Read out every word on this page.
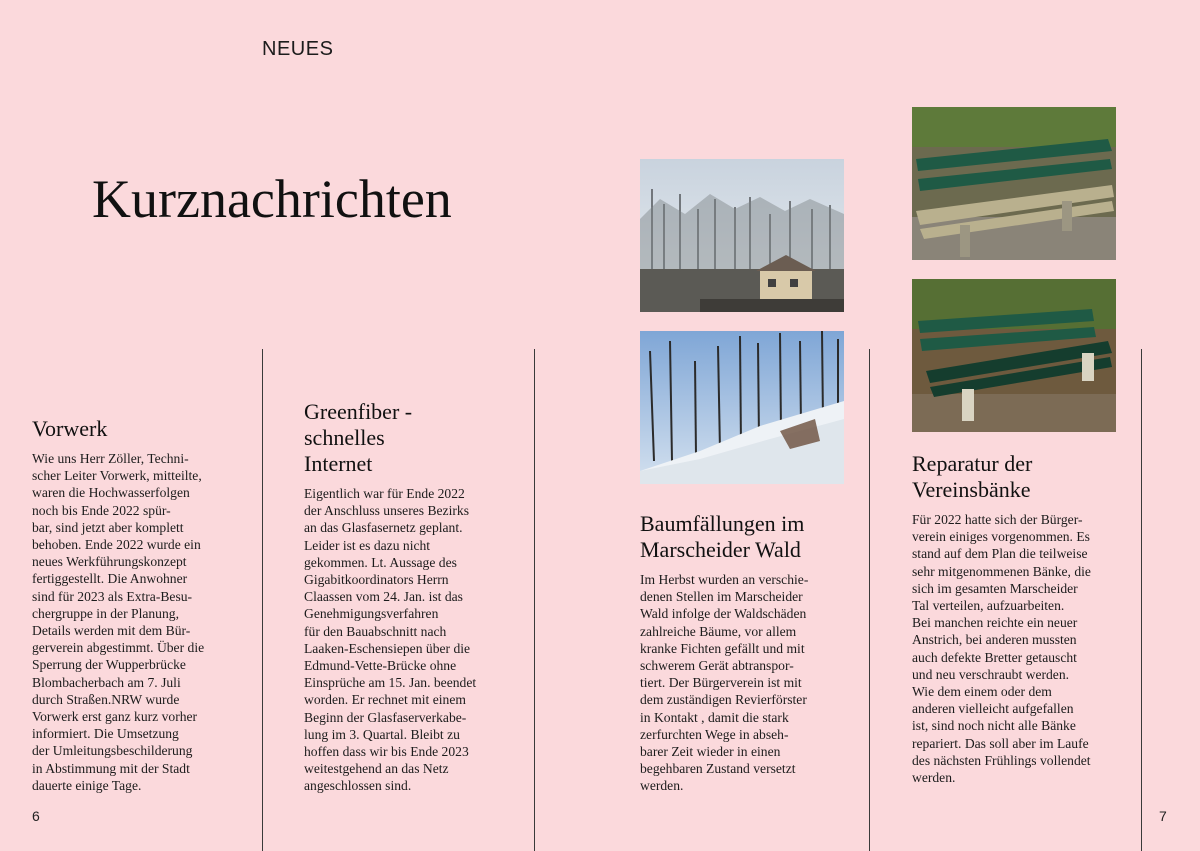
NEUES
Kurznachrichten
Vorwerk

Wie uns Herr Zöller, Techni-
scher Leiter Vorwerk, mitteilte,
waren die Hochwasserfolgen
noch bis Ende 2022 spür-
bar, sind jetzt aber komplett
behoben. Ende 2022 wurde ein
neues Werkführungskonzept
fertiggestellt. Die Anwohner
sind für 2023 als Extra-Besu-
chergruppe in der Planung,
Details werden mit dem Bür-
gerverein abgestimmt. Über die
Sperrung der Wupperbrücke
Blombacherbach am 7. Juli
durch Straßen.NRW wurde
Vorwerk erst ganz kurz vorher
informiert. Die Umsetzung
der Umleitungsbeschilderung
in Abstimmung mit der Stadt
dauerte einige Tage.

Greenfiber -
schnelles
Internet

Eigentlich war für Ende 2022
der Anschluss unseres Bezirks
an das Glasfasernetz geplant.
Leider ist es dazu nicht
gekommen. Lt. Aussage des
Gigabitkoordinators Herrn
Claassen vom 24. Jan. ist das
Genehmigungsverfahren
für den Bauabschnitt nach
Laaken-Eschensiepen über die
Edmund-Vette-Brücke ohne
Einsprüche am 15. Jan. beendet
worden. Er rechnet mit einem
Beginn der Glasfaserverkabe-
lung im 3. Quartal. Bleibt zu
hoffen dass wir bis Ende 2023
weitestgehend an das Netz
angeschlossen sind.

Baumfällungen im
Marscheider Wald

Im Herbst wurden an verschie-
denen Stellen im Marscheider
Wald infolge der Waldschäden
zahlreiche Bäume, vor allem
kranke Fichten gefällt und mit
schwerem Gerät abtranspor-
tiert. Der Bürgerverein ist mit
dem zuständigen Revierförster
in Kontakt , damit die stark
zerfurchten Wege in abseh-
barer Zeit wieder in einen
begehbaren Zustand versetzt
werden.

Reparatur der
Vereinsbänke

Für 2022 hatte sich der Bürger-
verein einiges vorgenommen. Es
stand auf dem Plan die teilweise
sehr mitgenommenen Bänke, die
sich im gesamten Marscheider
Tal verteilen, aufzuarbeiten.
Bei manchen reichte ein neuer
Anstrich, bei anderen mussten
auch defekte Bretter getauscht
und neu verschraubt werden.
Wie dem einem oder dem
anderen vielleicht aufgefallen
ist, sind noch nicht alle Bänke
repariert. Das soll aber im Laufe
des nächsten Frühlings vollendet
werden.

6	7
